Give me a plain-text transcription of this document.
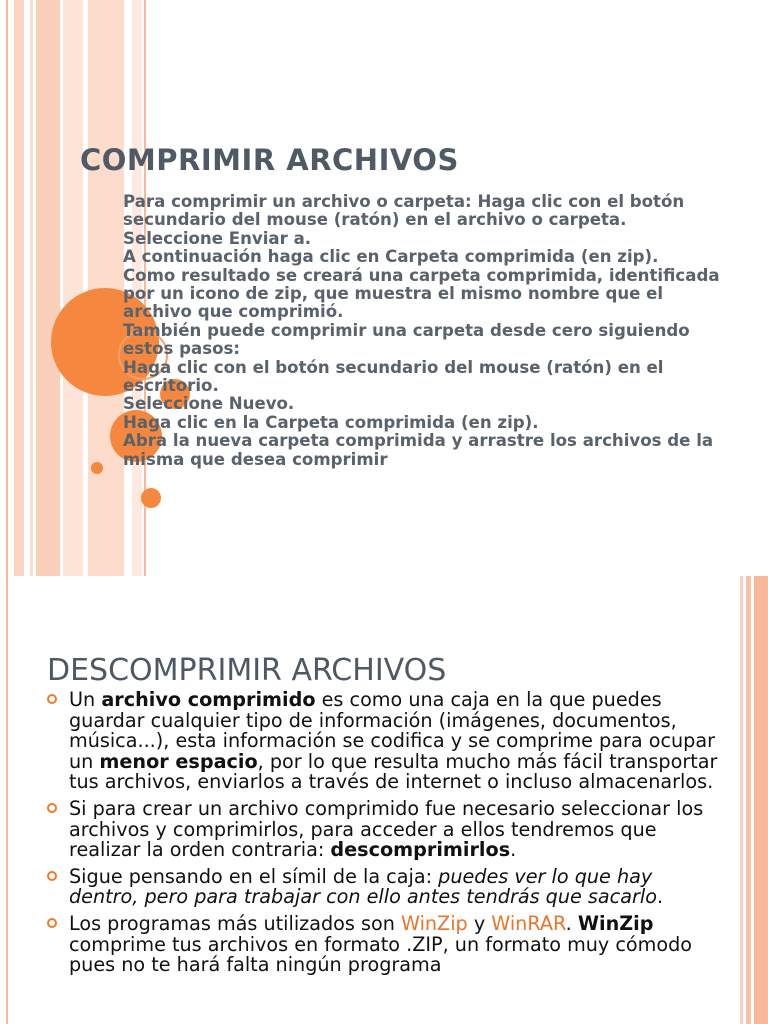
COMPRIMIR ARCHIVOS

Para comprimir un archivo o carpeta: Haga clic con el botón secundario del mouse (ratón) en el archivo o carpeta.

Seleccione Enviar a.

A continuación haga clic en Carpeta comprimida (en zip).

Como resultado se creará una carpeta comprimida, identificada por un icono de zip, que muestra el mismo nombre que el archivo que comprimió.

También puede comprimir una carpeta desde cero siguiendo estos pasos:

Haga clic con el botón secundario del mouse (ratón) en el escritorio.

Seleccione Nuevo.

Haga clic en la Carpeta comprimida (en zip).

Abra la nueva carpeta comprimida y arrastre los archivos de la misma que desea comprimir

DESCOMPRIMIR ARCHIVOS
Un archivo comprimido es como una caja en la que puedes guardar cualquier tipo de información (imágenes, documentos, música...), esta información se codifica y se comprime para ocupar un menor espacio, por lo que resulta mucho más fácil transportar tus archivos, enviarlos a través de internet o incluso almacenarlos.
Si para crear un archivo comprimido fue necesario seleccionar los archivos y comprimirlos, para acceder a ellos tendremos que realizar la orden contraria: descomprimirlos.
Sigue pensando en el símil de la caja: puedes ver lo que hay dentro, pero para trabajar con ello antes tendrás que sacarlo.
Los programas más utilizados son WinZip y WinRAR. WinZip comprime tus archivos en formato .ZIP, un formato muy cómodo pues no te hará falta ningún programa
